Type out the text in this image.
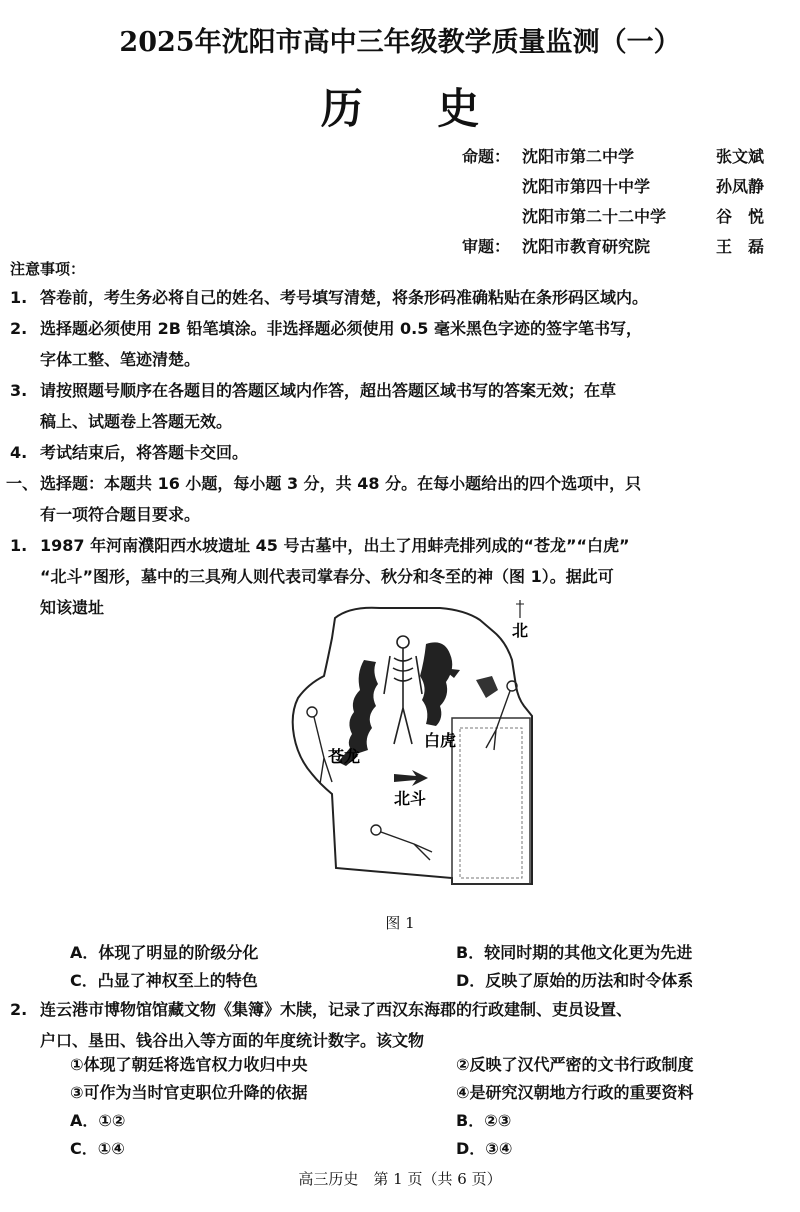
2025年沈阳市高中三年级教学质量监测（一）
历 史
命题： 沈阳市第二中学	张文斌
沈阳市第四十中学	孙凤静
沈阳市第二十二中学	谷　悦
审题： 沈阳市教育研究院	王　磊
注意事项：
1. 答卷前，考生务必将自己的姓名、考号填写清楚，将条形码准确粘贴在条形码区域内。
2. 选择题必须使用 2B 铅笔填涂。非选择题必须使用 0.5 毫米黑色字迹的签字笔书写，
字体工整、笔迹清楚。
3. 请按照题号顺序在各题目的答题区域内作答，超出答题区域书写的答案无效；在草
稿上、试题卷上答题无效。
4. 考试结束后，将答题卡交回。
一、 选择题：本题共 16 小题，每小题 3 分，共 48 分。在每小题给出的四个选项中，只
有一项符合题目要求。
1. 1987 年河南濮阳西水坡遗址 45 号古墓中，出土了用蚌壳排列成的“苍龙”“白虎”
“北斗”图形，墓中的三具殉人则代表司掌春分、秋分和冬至的神（图 1）。据此可
知该遗址
北
苍龙
白虎
北斗
图 1
A．体现了明显的阶级分化	B．较同时期的其他文化更为先进
C．凸显了神权至上的特色	D．反映了原始的历法和时令体系
2. 连云港市博物馆馆藏文物《集簿》木牍，记录了西汉东海郡的行政建制、吏员设置、
户口、垦田、钱谷出入等方面的年度统计数字。该文物
①体现了朝廷将选官权力收归中央	②反映了汉代严密的文书行政制度
③可作为当时官吏职位升降的依据	④是研究汉朝地方行政的重要资料
A．①②	B．②③
C．①④	D．③④
高三历史　第 1 页（共 6 页）
